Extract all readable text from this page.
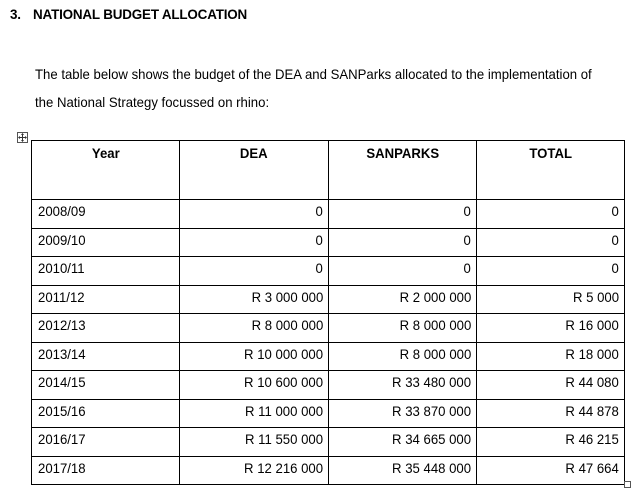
3. NATIONAL BUDGET ALLOCATION
The table below shows the budget of the DEA and SANParks allocated to the implementation of the National Strategy focussed on rhino:
Year	DEA	SANPARKS	TOTAL
2008/09	0	0	0
2009/10	0	0	0
2010/11	0	0	0
2011/12	R 3 000 000	R 2 000 000	R 5 000
2012/13	R 8 000 000	R 8 000 000	R 16 000
2013/14	R 10 000 000	R 8 000 000	R 18 000
2014/15	R 10 600 000	R 33 480 000	R 44 080
2015/16	R 11 000 000	R 33 870 000	R 44 878
2016/17	R 11 550 000	R 34 665 000	R 46 215
2017/18	R 12 216 000	R 35 448 000	R 47 664
